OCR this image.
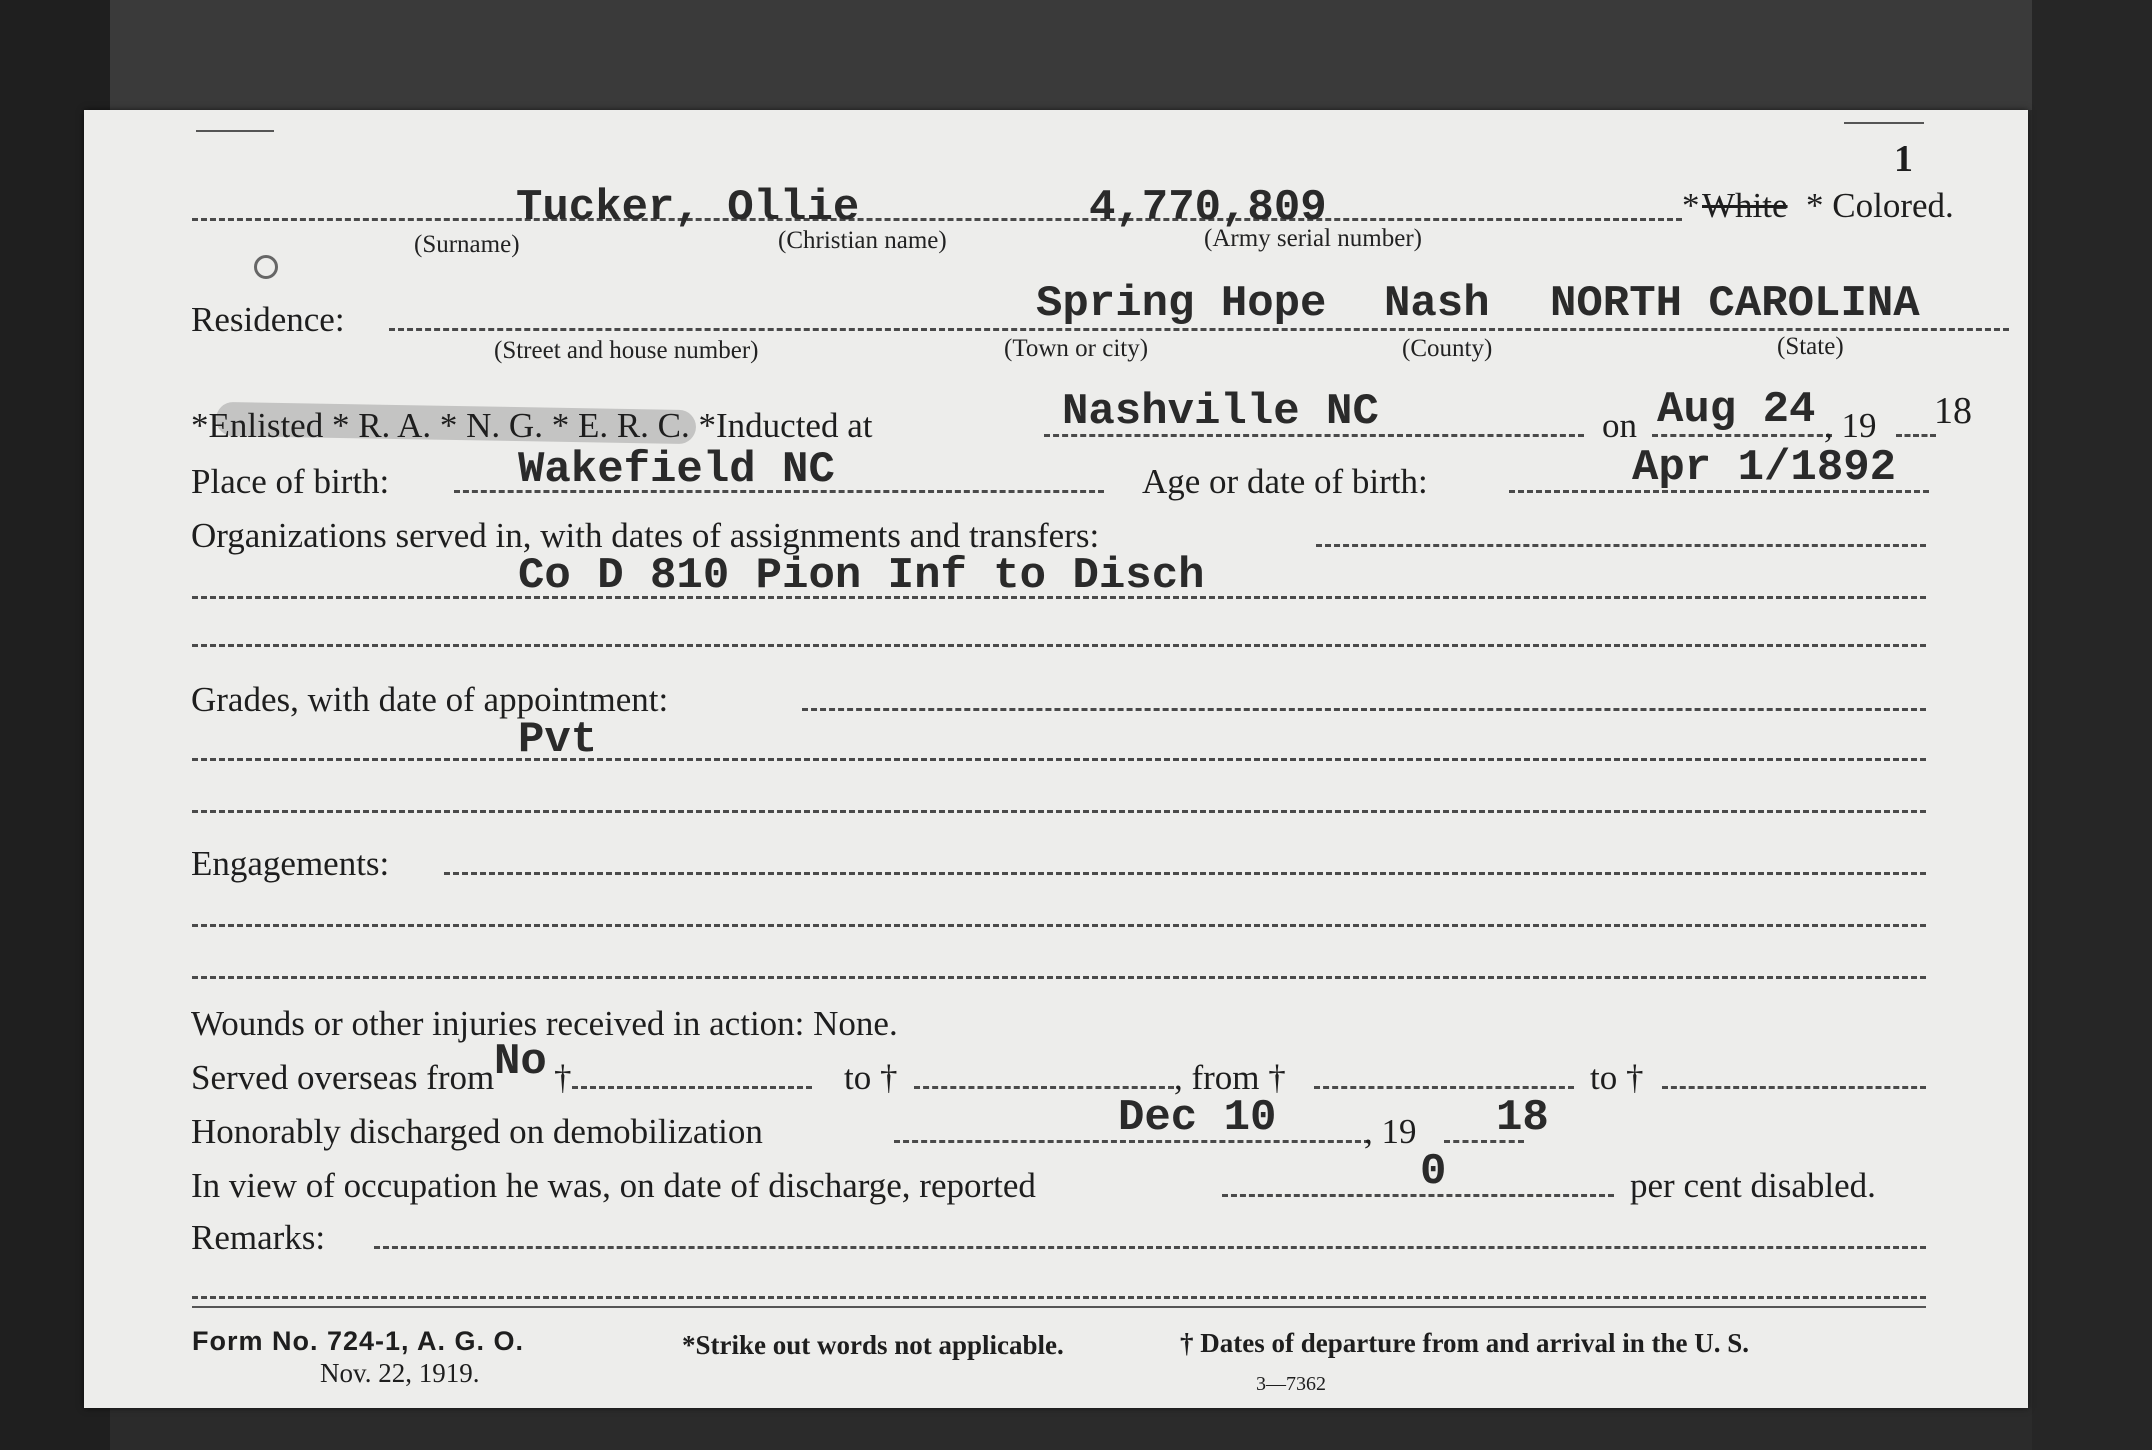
1
Tucker, Ollie	4,770,809	* White * Colored.
(Surname)	(Christian name)	(Army serial number)
Residence:	Spring Hope Nash NORTH CAROLINA
(Street and house number)	(Town or city)	(County)	(State)
*Enlisted * R. A. * N. G. * E. R. C. *Inducted at	Nashville NC	on Aug 24 , 19 18
Place of birth:	Wakefield NC	Age or date of birth:	Apr 1/1892
Organizations served in, with dates of assignments and transfers:
Co D 810 Pion Inf to Disch
Grades, with date of appointment:
Pvt
Engagements:
Wounds or other injuries received in action: None.
Served overseas from No †	to †	, from †	to †
Honorably discharged on demobilization	Dec 10	, 19 18
In view of occupation he was, on date of discharge, reported	0	per cent disabled.
Remarks:
Form No. 724-1, A. G. O.
Nov. 22, 1919.
*Strike out words not applicable.	† Dates of departure from and arrival in the U. S.
3—7362
